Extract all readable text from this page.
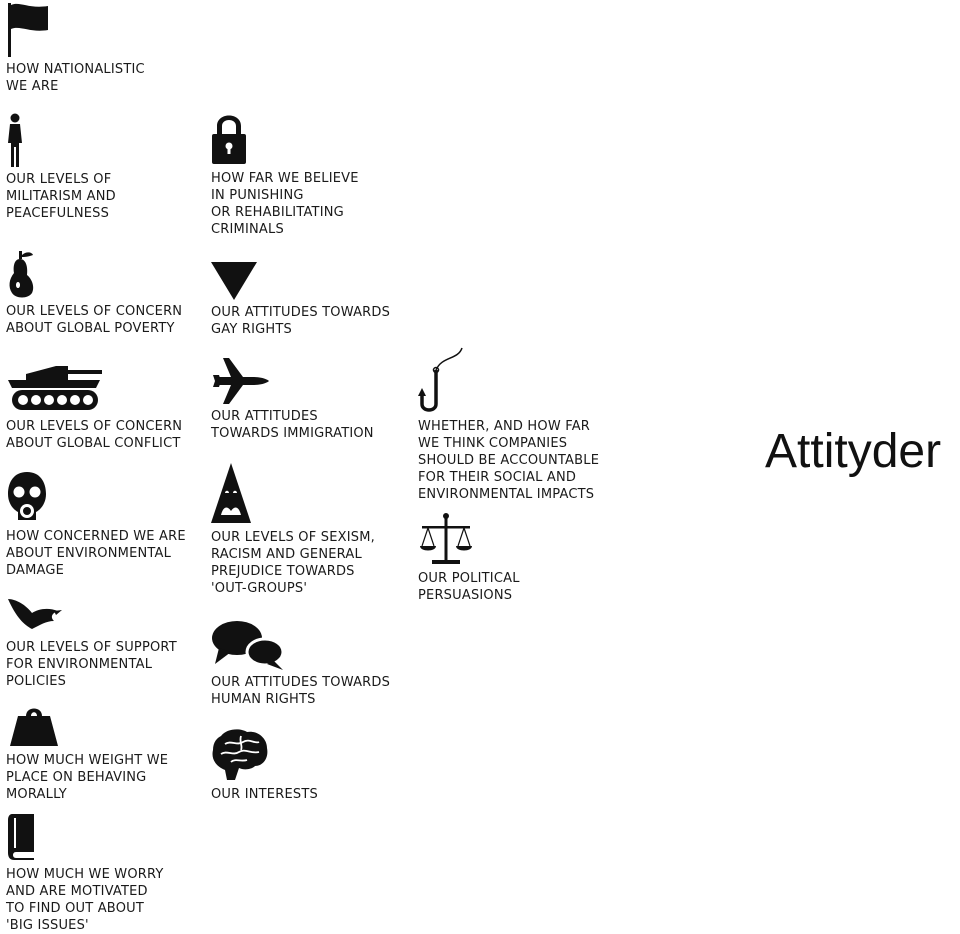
HOW NATIONALISTIC
WE ARE
OUR LEVELS OF
MILITARISM AND
PEACEFULNESS
OUR LEVELS OF CONCERN
ABOUT GLOBAL POVERTY
OUR LEVELS OF CONCERN
ABOUT GLOBAL CONFLICT
HOW CONCERNED WE ARE
ABOUT ENVIRONMENTAL
DAMAGE
OUR LEVELS OF SUPPORT
FOR ENVIRONMENTAL
POLICIES
HOW MUCH WEIGHT WE
PLACE ON BEHAVING
MORALLY
HOW MUCH WE WORRY
AND ARE MOTIVATED
TO FIND OUT ABOUT
'BIG ISSUES'
HOW FAR WE BELIEVE
IN PUNISHING
OR REHABILITATING
CRIMINALS
OUR ATTITUDES TOWARDS
GAY RIGHTS
OUR ATTITUDES
TOWARDS IMMIGRATION
OUR LEVELS OF SEXISM,
RACISM AND GENERAL
PREJUDICE TOWARDS
'OUT-GROUPS'
OUR ATTITUDES TOWARDS
HUMAN RIGHTS
OUR INTERESTS
WHETHER, AND HOW FAR
WE THINK COMPANIES
SHOULD BE ACCOUNTABLE
FOR THEIR SOCIAL AND
ENVIRONMENTAL IMPACTS
OUR POLITICAL
PERSUASIONS
Attityder
